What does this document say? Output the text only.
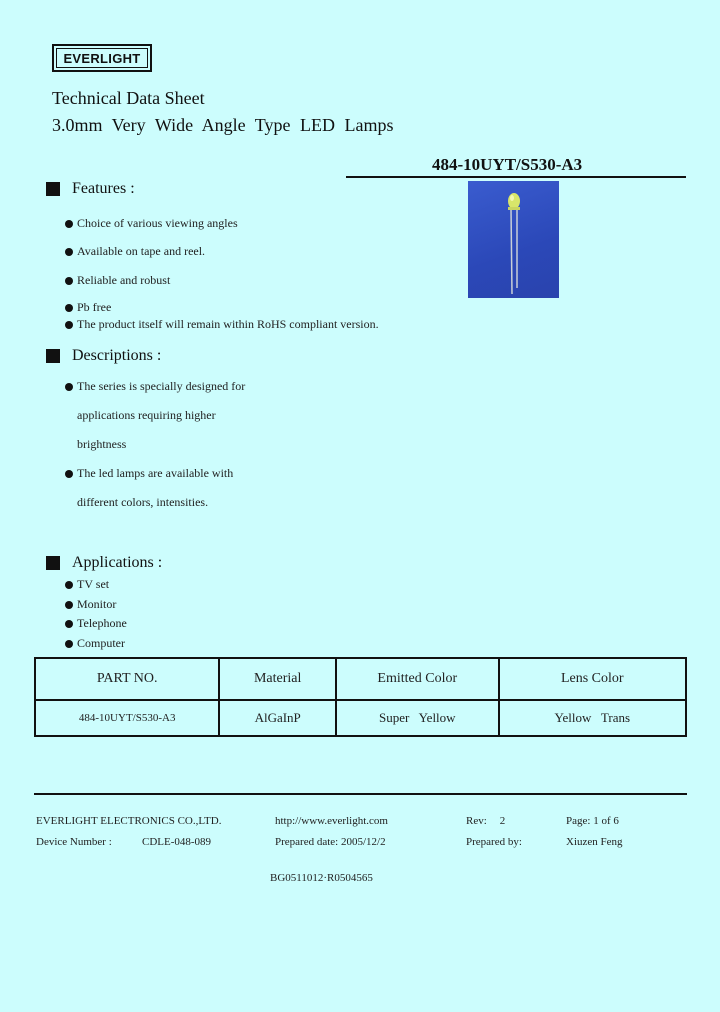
EVERLIGHT
Technical Data Sheet
3.0mm Very Wide Angle Type LED Lamps
484-10UYT/S530-A3
Features :
Choice of various viewing angles
Available on tape and reel.
Reliable and robust
Pb free
The product itself will remain within RoHS compliant version.
Descriptions :
The series is specially designed for
applications requiring higher
brightness
The led lamps are available with
different colors, intensities.
Applications :
TV set
Monitor
Telephone
Computer
PART NO.	Material	Emitted Color	Lens Color
484-10UYT/S530-A3	AlGaInP	Super   Yellow	Yellow   Trans
EVERLIGHT ELECTRONICS CO.,LTD.	http://www.everlight.com	Rev: 2	Page: 1 of 6
Device Number :	CDLE-048-089	Prepared date: 2005/12/2	Prepared by:	Xiuzen Feng
BG0511012·R0504565
